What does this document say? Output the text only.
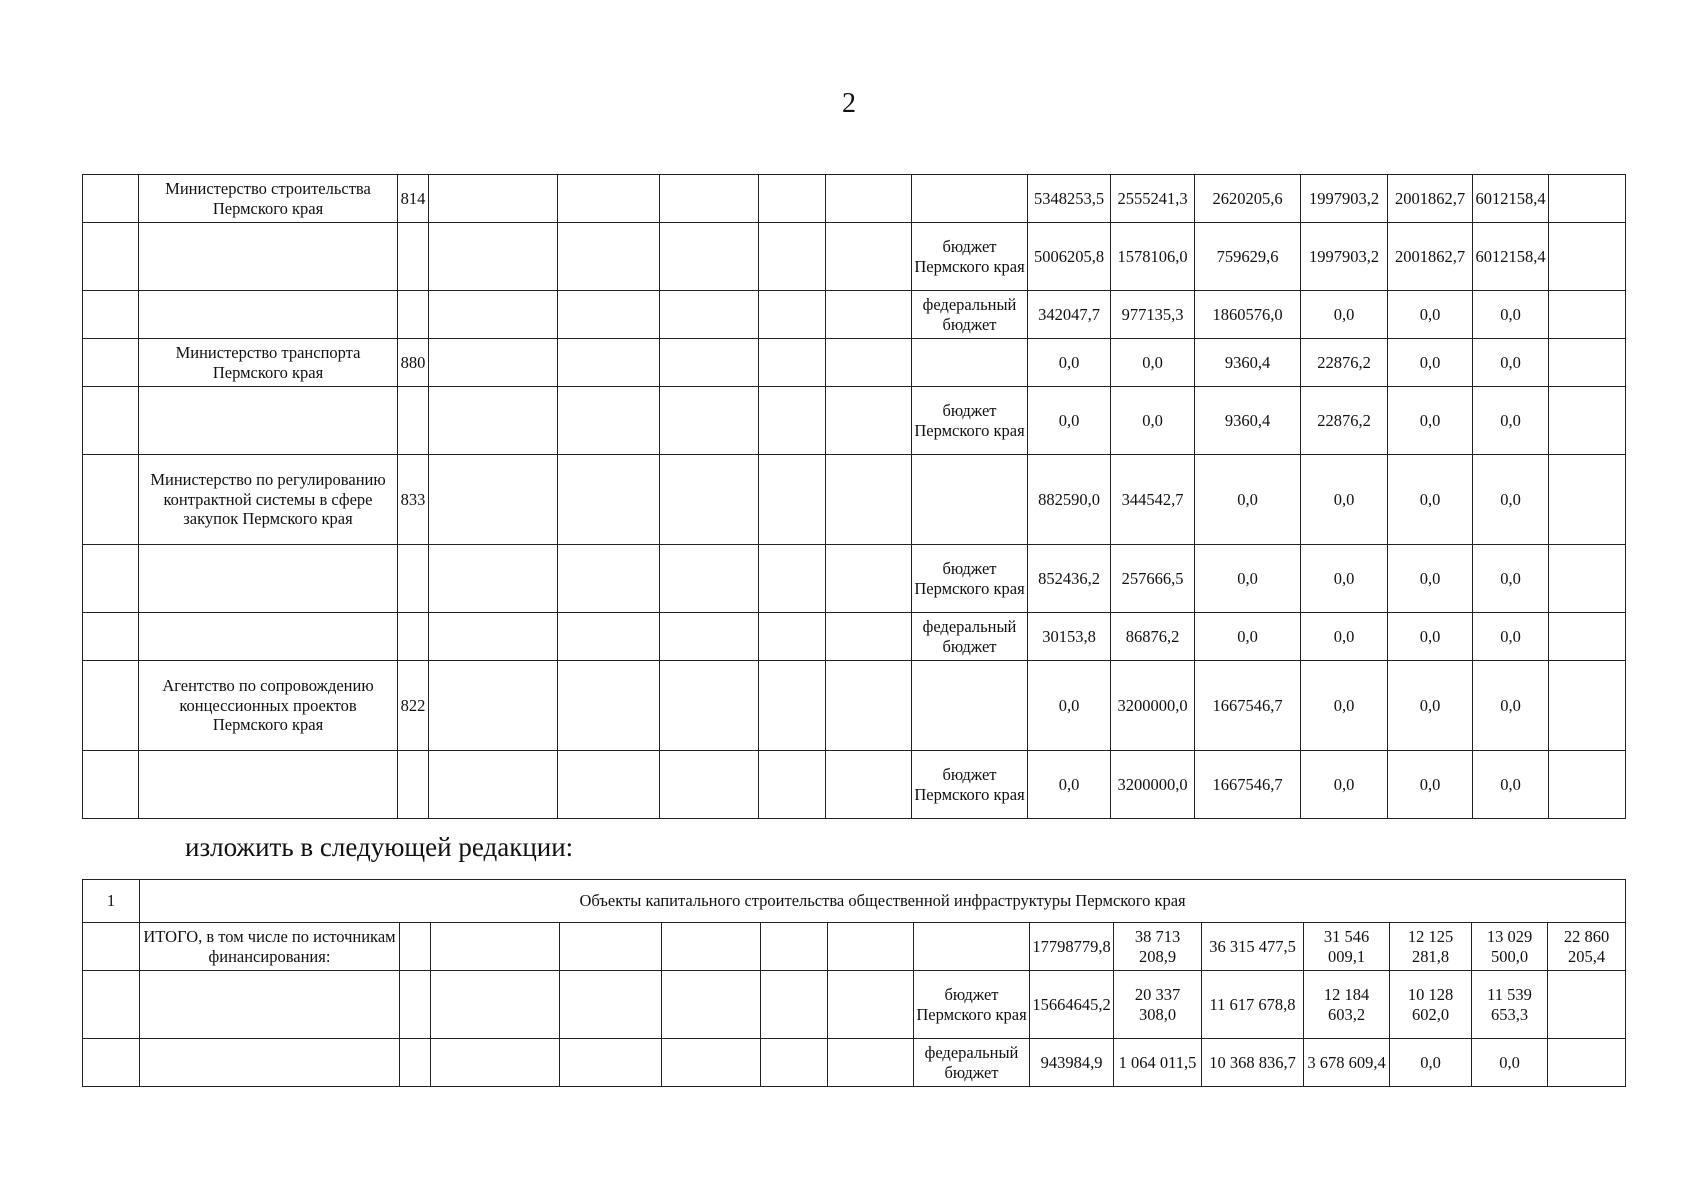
2
	Министерство строительства Пермского края	814							5348253,5	2555241,3	2620205,6	1997903,2	2001862,7	6012158,4	
								бюджет Пермского края	5006205,8	1578106,0	759629,6	1997903,2	2001862,7	6012158,4	
								федеральный бюджет	342047,7	977135,3	1860576,0	0,0	0,0	0,0	
	Министерство транспорта Пермского края	880							0,0	0,0	9360,4	22876,2	0,0	0,0	
								бюджет Пермского края	0,0	0,0	9360,4	22876,2	0,0	0,0	
	Министерство по регулированию контрактной системы в сфере закупок Пермского края	833							882590,0	344542,7	0,0	0,0	0,0	0,0	
								бюджет Пермского края	852436,2	257666,5	0,0	0,0	0,0	0,0	
								федеральный бюджет	30153,8	86876,2	0,0	0,0	0,0	0,0	
	Агентство по сопровождению концессионных проектов Пермского края	822							0,0	3200000,0	1667546,7	0,0	0,0	0,0	
								бюджет Пермского края	0,0	3200000,0	1667546,7	0,0	0,0	0,0	
изложить в следующей редакции:
1	Объекты капитального строительства общественной инфраструктуры Пермского края														
	ИТОГО, в том числе по источникам финансирования:								17798779,8	38 713 208,9	36 315 477,5	31 546 009,1	12 125 281,8	13 029 500,0	22 860 205,4
								бюджет Пермского края	15664645,2	20 337 308,0	11 617 678,8	12 184 603,2	10 128 602,0	11 539 653,3	
								федеральный бюджет	943984,9	1 064 011,5	10 368 836,7	3 678 609,4	0,0	0,0	
